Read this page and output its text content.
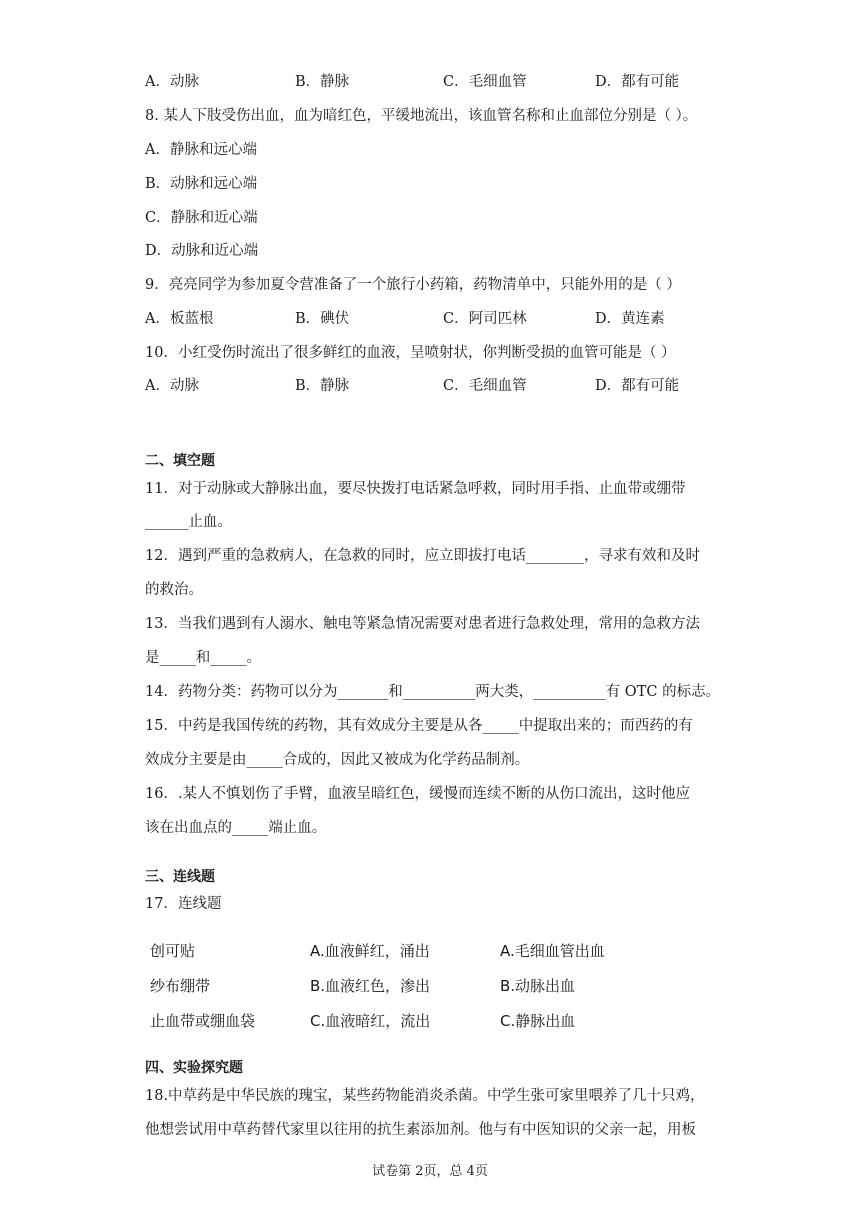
A．动脉	B．静脉	C．毛细血管	D．都有可能
8. 某人下肢受伤出血，血为暗红色，平缓地流出，该血管名称和止血部位分别是（ ）。
A．静脉和远心端
B．动脉和远心端
C．静脉和近心端
D．动脉和近心端
9．亮亮同学为参加夏令营准备了一个旅行小药箱，药物清单中，只能外用的是（ ）
A．板蓝根	B．碘伏	C．阿司匹林	D．黄连素
10．小红受伤时流出了很多鲜红的血液，呈喷射状，你判断受损的血管可能是（ ）
A．动脉	B．静脉	C．毛细血管	D．都有可能
二、填空题
11．对于动脉或大静脉出血，要尽快拨打电话紧急呼救，同时用手指、止血带或绷带
______止血。
12．遇到严重的急救病人，在急救的同时，应立即拔打电话________，寻求有效和及时
的救治。
13．当我们遇到有人溺水、触电等紧急情况需要对患者进行急救处理，常用的急救方法
是_____和_____。
14．药物分类：药物可以分为_______和__________两大类，__________有 OTC 的标志。
15．中药是我国传统的药物，其有效成分主要是从各_____中提取出来的；而西药的有
效成分主要是由_____合成的，因此又被成为化学药品制剂。
16．.某人不慎划伤了手臂，血液呈暗红色，缓慢而连续不断的从伤口流出，这时他应
该在出血点的_____端止血。
三、连线题
17．连线题
创可贴	A.血液鲜红，涌出	A.毛细血管出血
纱布绷带	B.血液红色，渗出	B.动脉出血
止血带或绷血袋	C.血液暗红，流出	C.静脉出血
四、实验探究题
18.中草药是中华民族的瑰宝，某些药物能消炎杀菌。中学生张可家里喂养了几十只鸡，
他想尝试用中草药替代家里以往用的抗生素添加剂。他与有中医知识的父亲一起，用板
试卷第 2页，总 4页
